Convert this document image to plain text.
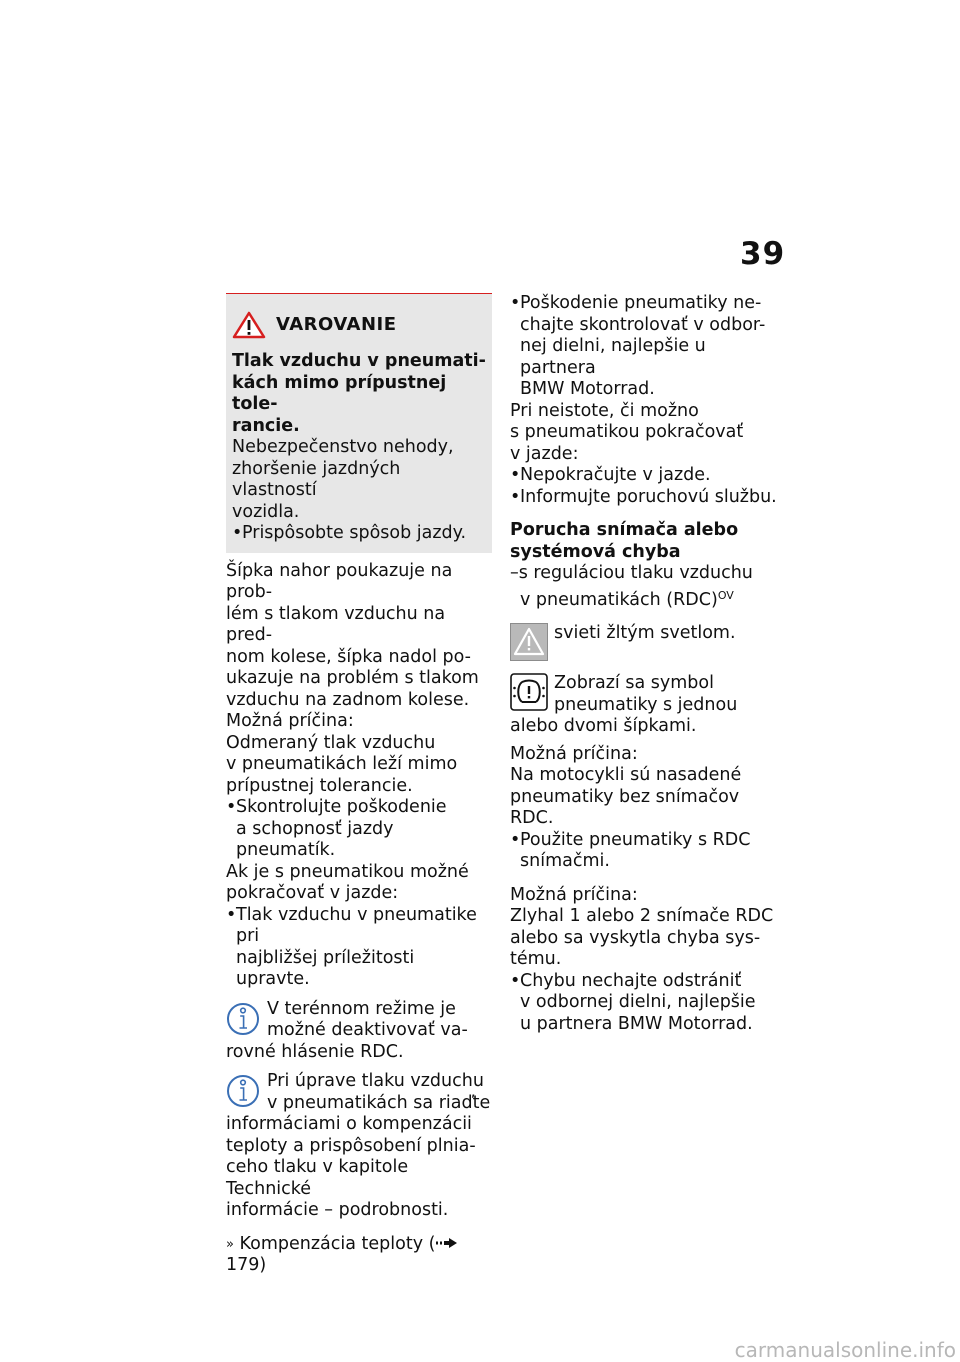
39
VAROVANIE
Tlak vzduchu v pneumati-
kách mimo prípustnej tole-
rancie.
Nebezpečenstvo nehody,
zhoršenie jazdných vlastností
vozidla.
• Prispôsobte spôsob jazdy.
Šípka nahor poukazuje na prob-
lém s tlakom vzduchu na pred-
nom kolese, šípka nadol po-
ukazuje na problém s tlakom
vzduchu na zadnom kolese.
Možná príčina:
Odmeraný tlak vzduchu
v pneumatikách leží mimo
prípustnej tolerancie.
• Skontrolujte poškodenie
a schopnosť jazdy pneumatík.
Ak je s pneumatikou možné
pokračovať v jazde:
• Tlak vzduchu v pneumatike pri
najbližšej príležitosti upravte.
V terénnom režime je
možné deaktivovať va-
rovné hlásenie RDC.
Pri úprave tlaku vzduchu
v pneumatikách sa riaďte
informáciami o kompenzácii
teploty a prispôsobení plnia-
ceho tlaku v kapitole Technické
informácie – podrobnosti.
» Kompenzácia teploty ( 179)
• Poškodenie pneumatiky ne-
chajte skontrolovať v odbor-
nej dielni, najlepšie u partnera
BMW Motorrad.
Pri neistote, či možno
s pneumatikou pokračovať
v jazde:
• Nepokračujte v jazde.
• Informujte poruchovú službu.
Porucha snímača alebo
systémová chyba
–s reguláciou tlaku vzduchu
v pneumatikách (RDC)$^{OV}$
svieti žltým svetlom.
Zobrazí sa symbol
pneumatiky s jednou
alebo dvomi šípkami.
Možná príčina:
Na motocykli sú nasadené
pneumatiky bez snímačov RDC.
• Použite pneumatiky s RDC
snímačmi.
Možná príčina:
Zlyhal 1 alebo 2 snímače RDC
alebo sa vyskytla chyba sys-
tému.
• Chybu nechajte odstrániť
v odbornej dielni, najlepšie
u partnera BMW Motorrad.
carmanualsonline.info
